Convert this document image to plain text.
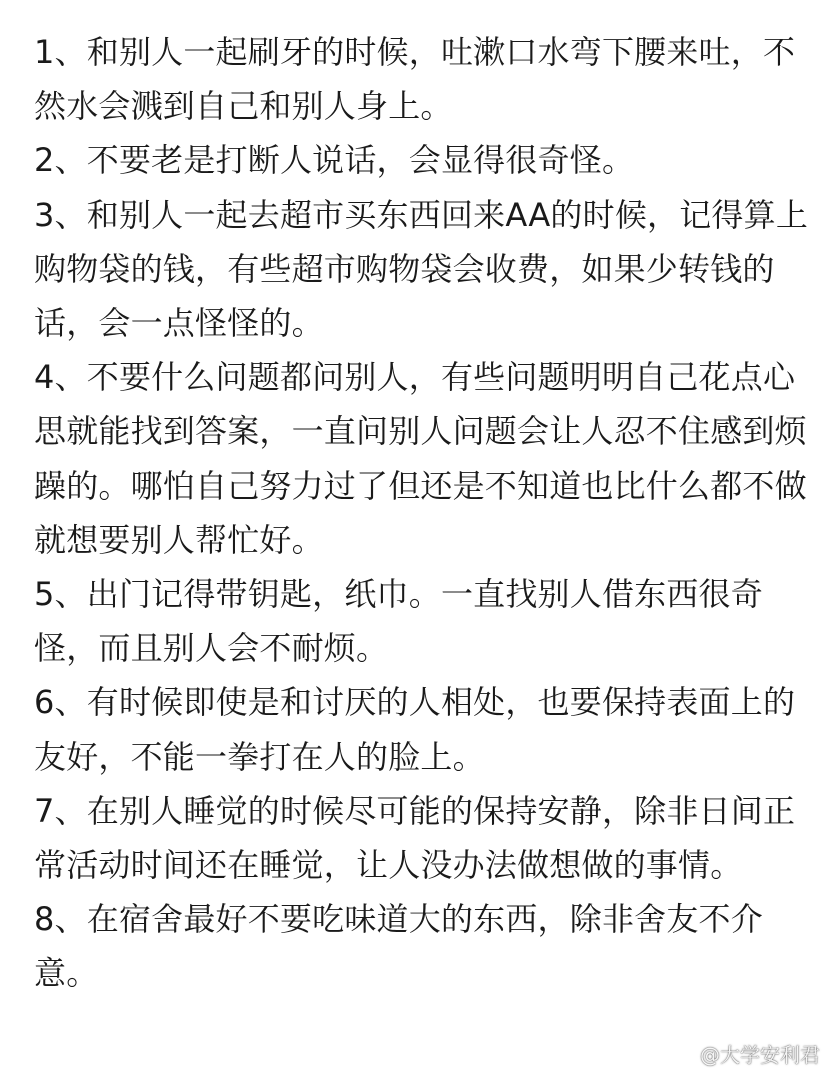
1、和别人一起刷牙的时候，吐漱口水弯下腰来吐，不然水会溅到自己和别人身上。

2、不要老是打断人说话，会显得很奇怪。

3、和别人一起去超市买东西回来AA的时候，记得算上购物袋的钱，有些超市购物袋会收费，如果少转钱的话，会一点怪怪的。

4、不要什么问题都问别人，有些问题明明自己花点心思就能找到答案，一直问别人问题会让人忍不住感到烦躁的。哪怕自己努力过了但还是不知道也比什么都不做就想要别人帮忙好。

5、出门记得带钥匙，纸巾。一直找别人借东西很奇怪，而且别人会不耐烦。

6、有时候即使是和讨厌的人相处，也要保持表面上的友好，不能一拳打在人的脸上。

7、在别人睡觉的时候尽可能的保持安静，除非日间正常活动时间还在睡觉，让人没办法做想做的事情。

8、在宿舍最好不要吃味道大的东西，除非舍友不介意。

@大学安利君
